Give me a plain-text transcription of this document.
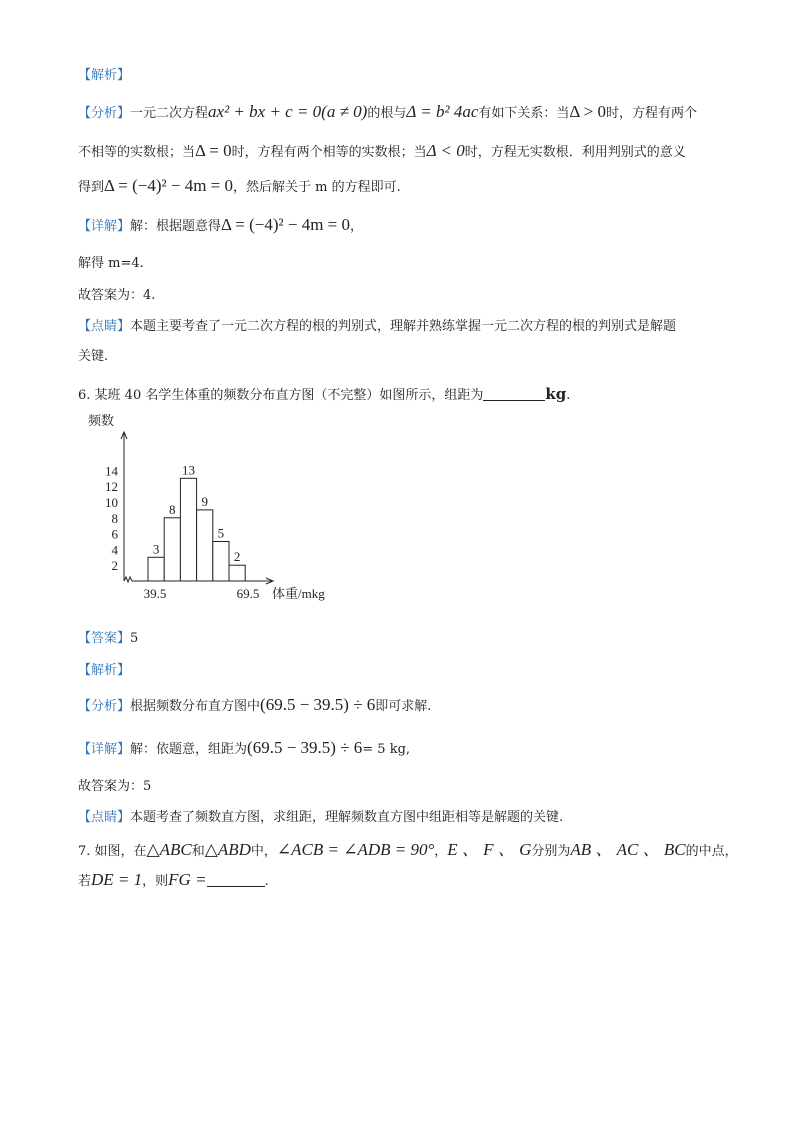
【解析】
【分析】一元二次方程ax² + bx + c = 0(a ≠ 0)的根与Δ = b² 4ac有如下关系：当Δ > 0时，方程有两个
不相等的实数根；当Δ = 0时，方程有两个相等的实数根；当Δ < 0时，方程无实数根．利用判别式的意义
得到Δ = (−4)² − 4m = 0，然后解关于 m 的方程即可.
【详解】解：根据题意得Δ = (−4)² − 4m = 0，
解得 m=4.
故答案为：4.
【点睛】本题主要考查了一元二次方程的根的判别式，理解并熟练掌握一元二次方程的根的判别式是解题
关键.
6. 某班 40 名学生体重的频数分布直方图（不完整）如图所示，组距为	kg.
频数
2
4
6
8
10
12
14
3
8
13
9
5
2
39.5	69.5 体重/mkg
【答案】5
【解析】
【分析】根据频数分布直方图中(69.5 − 39.5) ÷ 6即可求解.
【详解】解：依题意，组距为(69.5 − 39.5) ÷ 6= 5 kg,
故答案为：5
【点睛】本题考查了频数直方图，求组距，理解频数直方图中组距相等是解题的关键.
7. 如图，在△ABC和△ABD中，∠ACB = ∠ADB = 90°，E 、 F 、 G分别为AB 、 AC 、 BC的中点，
若DE = 1，则FG =	.
